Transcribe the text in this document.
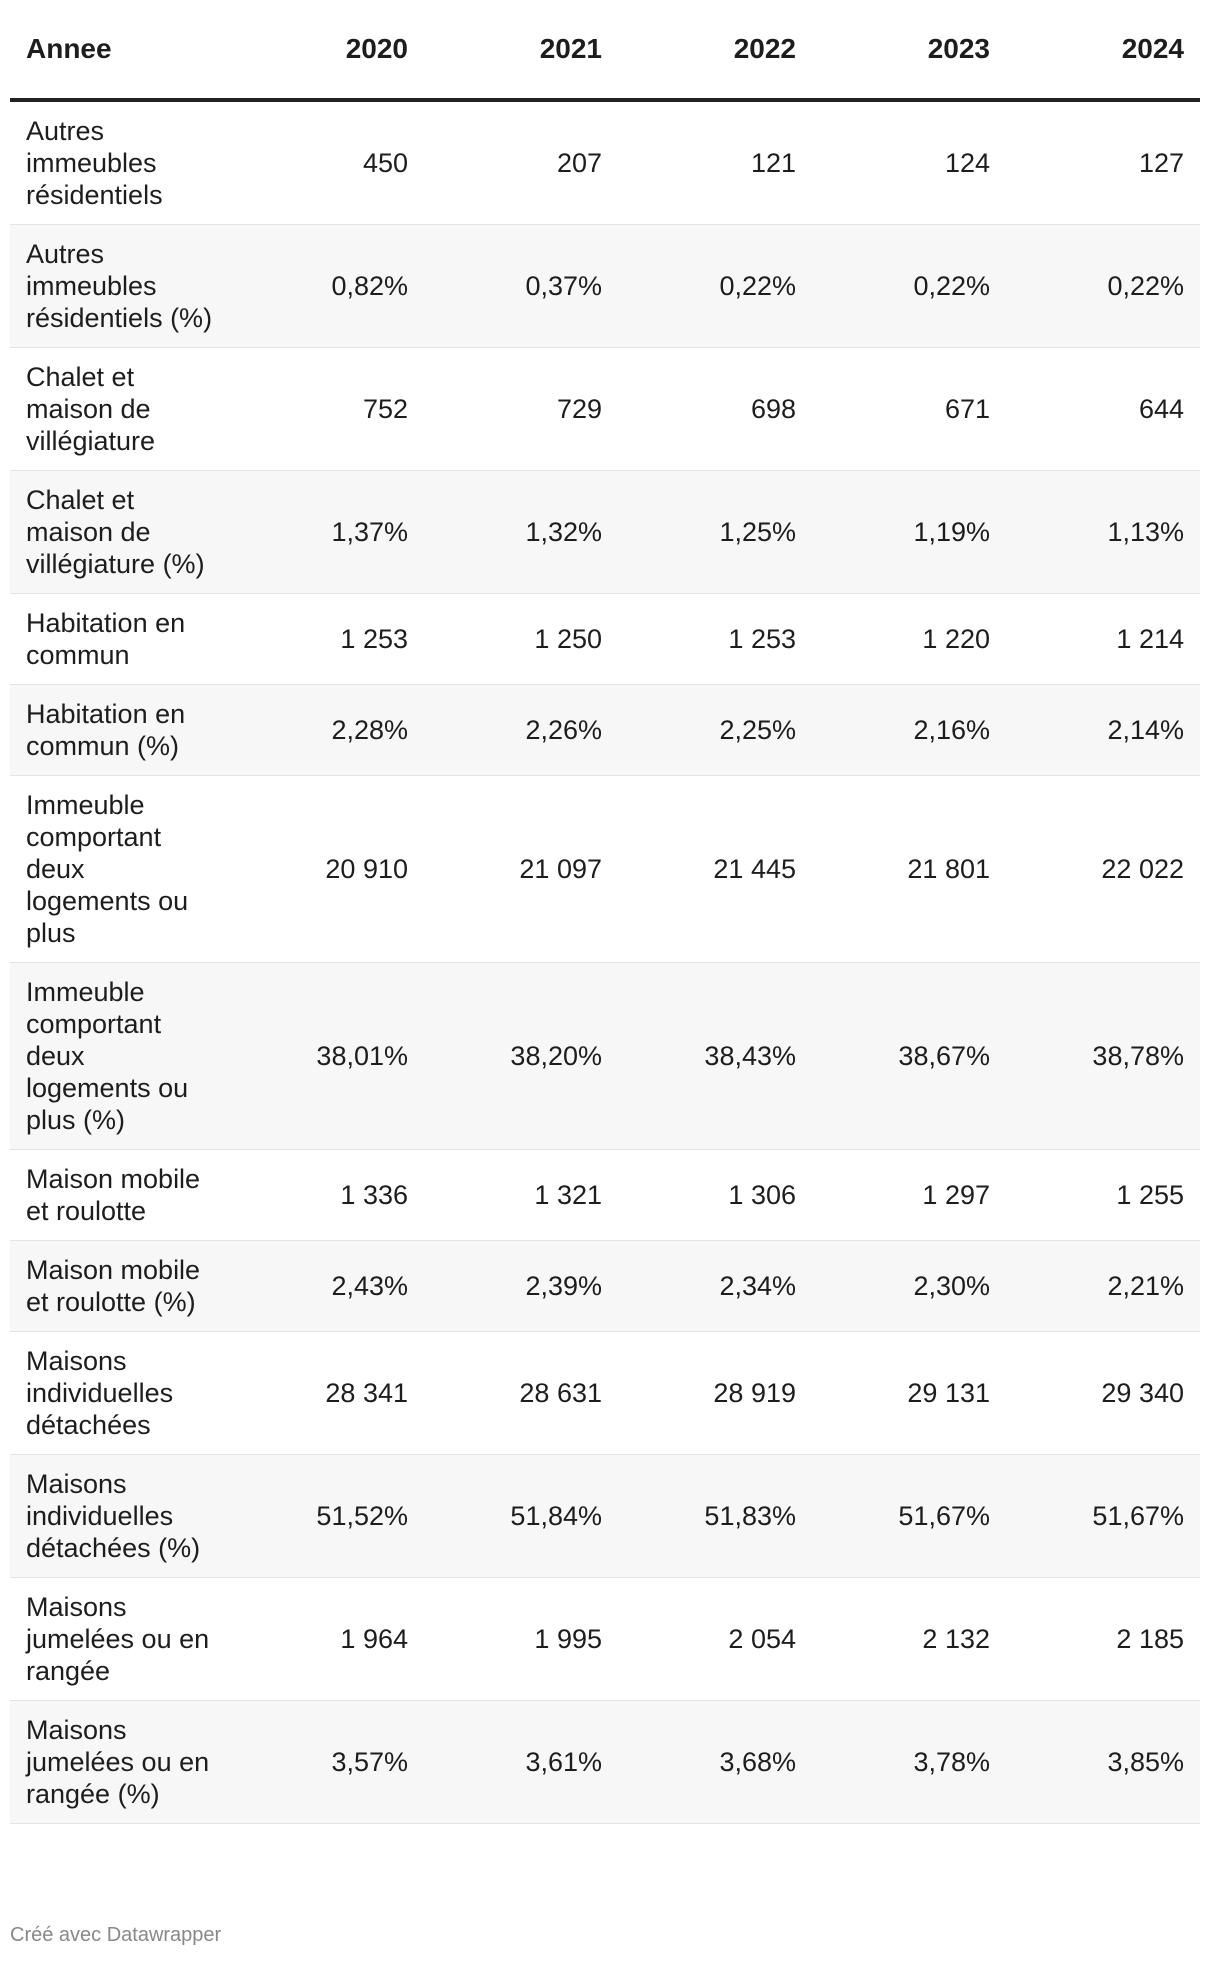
Annee	2020	2021	2022	2023	2024
Autres immeubles résidentiels	450	207	121	124	127
Autres immeubles résidentiels (%)	0,82%	0,37%	0,22%	0,22%	0,22%
Chalet et maison de villégiature	752	729	698	671	644
Chalet et maison de villégiature (%)	1,37%	1,32%	1,25%	1,19%	1,13%
Habitation en commun	1 253	1 250	1 253	1 220	1 214
Habitation en commun (%)	2,28%	2,26%	2,25%	2,16%	2,14%
Immeuble comportant deux logements ou plus	20 910	21 097	21 445	21 801	22 022
Immeuble comportant deux logements ou plus (%)	38,01%	38,20%	38,43%	38,67%	38,78%
Maison mobile et roulotte	1 336	1 321	1 306	1 297	1 255
Maison mobile et roulotte (%)	2,43%	2,39%	2,34%	2,30%	2,21%
Maisons individuelles détachées	28 341	28 631	28 919	29 131	29 340
Maisons individuelles détachées (%)	51,52%	51,84%	51,83%	51,67%	51,67%
Maisons jumelées ou en rangée	1 964	1 995	2 054	2 132	2 185
Maisons jumelées ou en rangée (%)	3,57%	3,61%	3,68%	3,78%	3,85%
Créé avec Datawrapper
